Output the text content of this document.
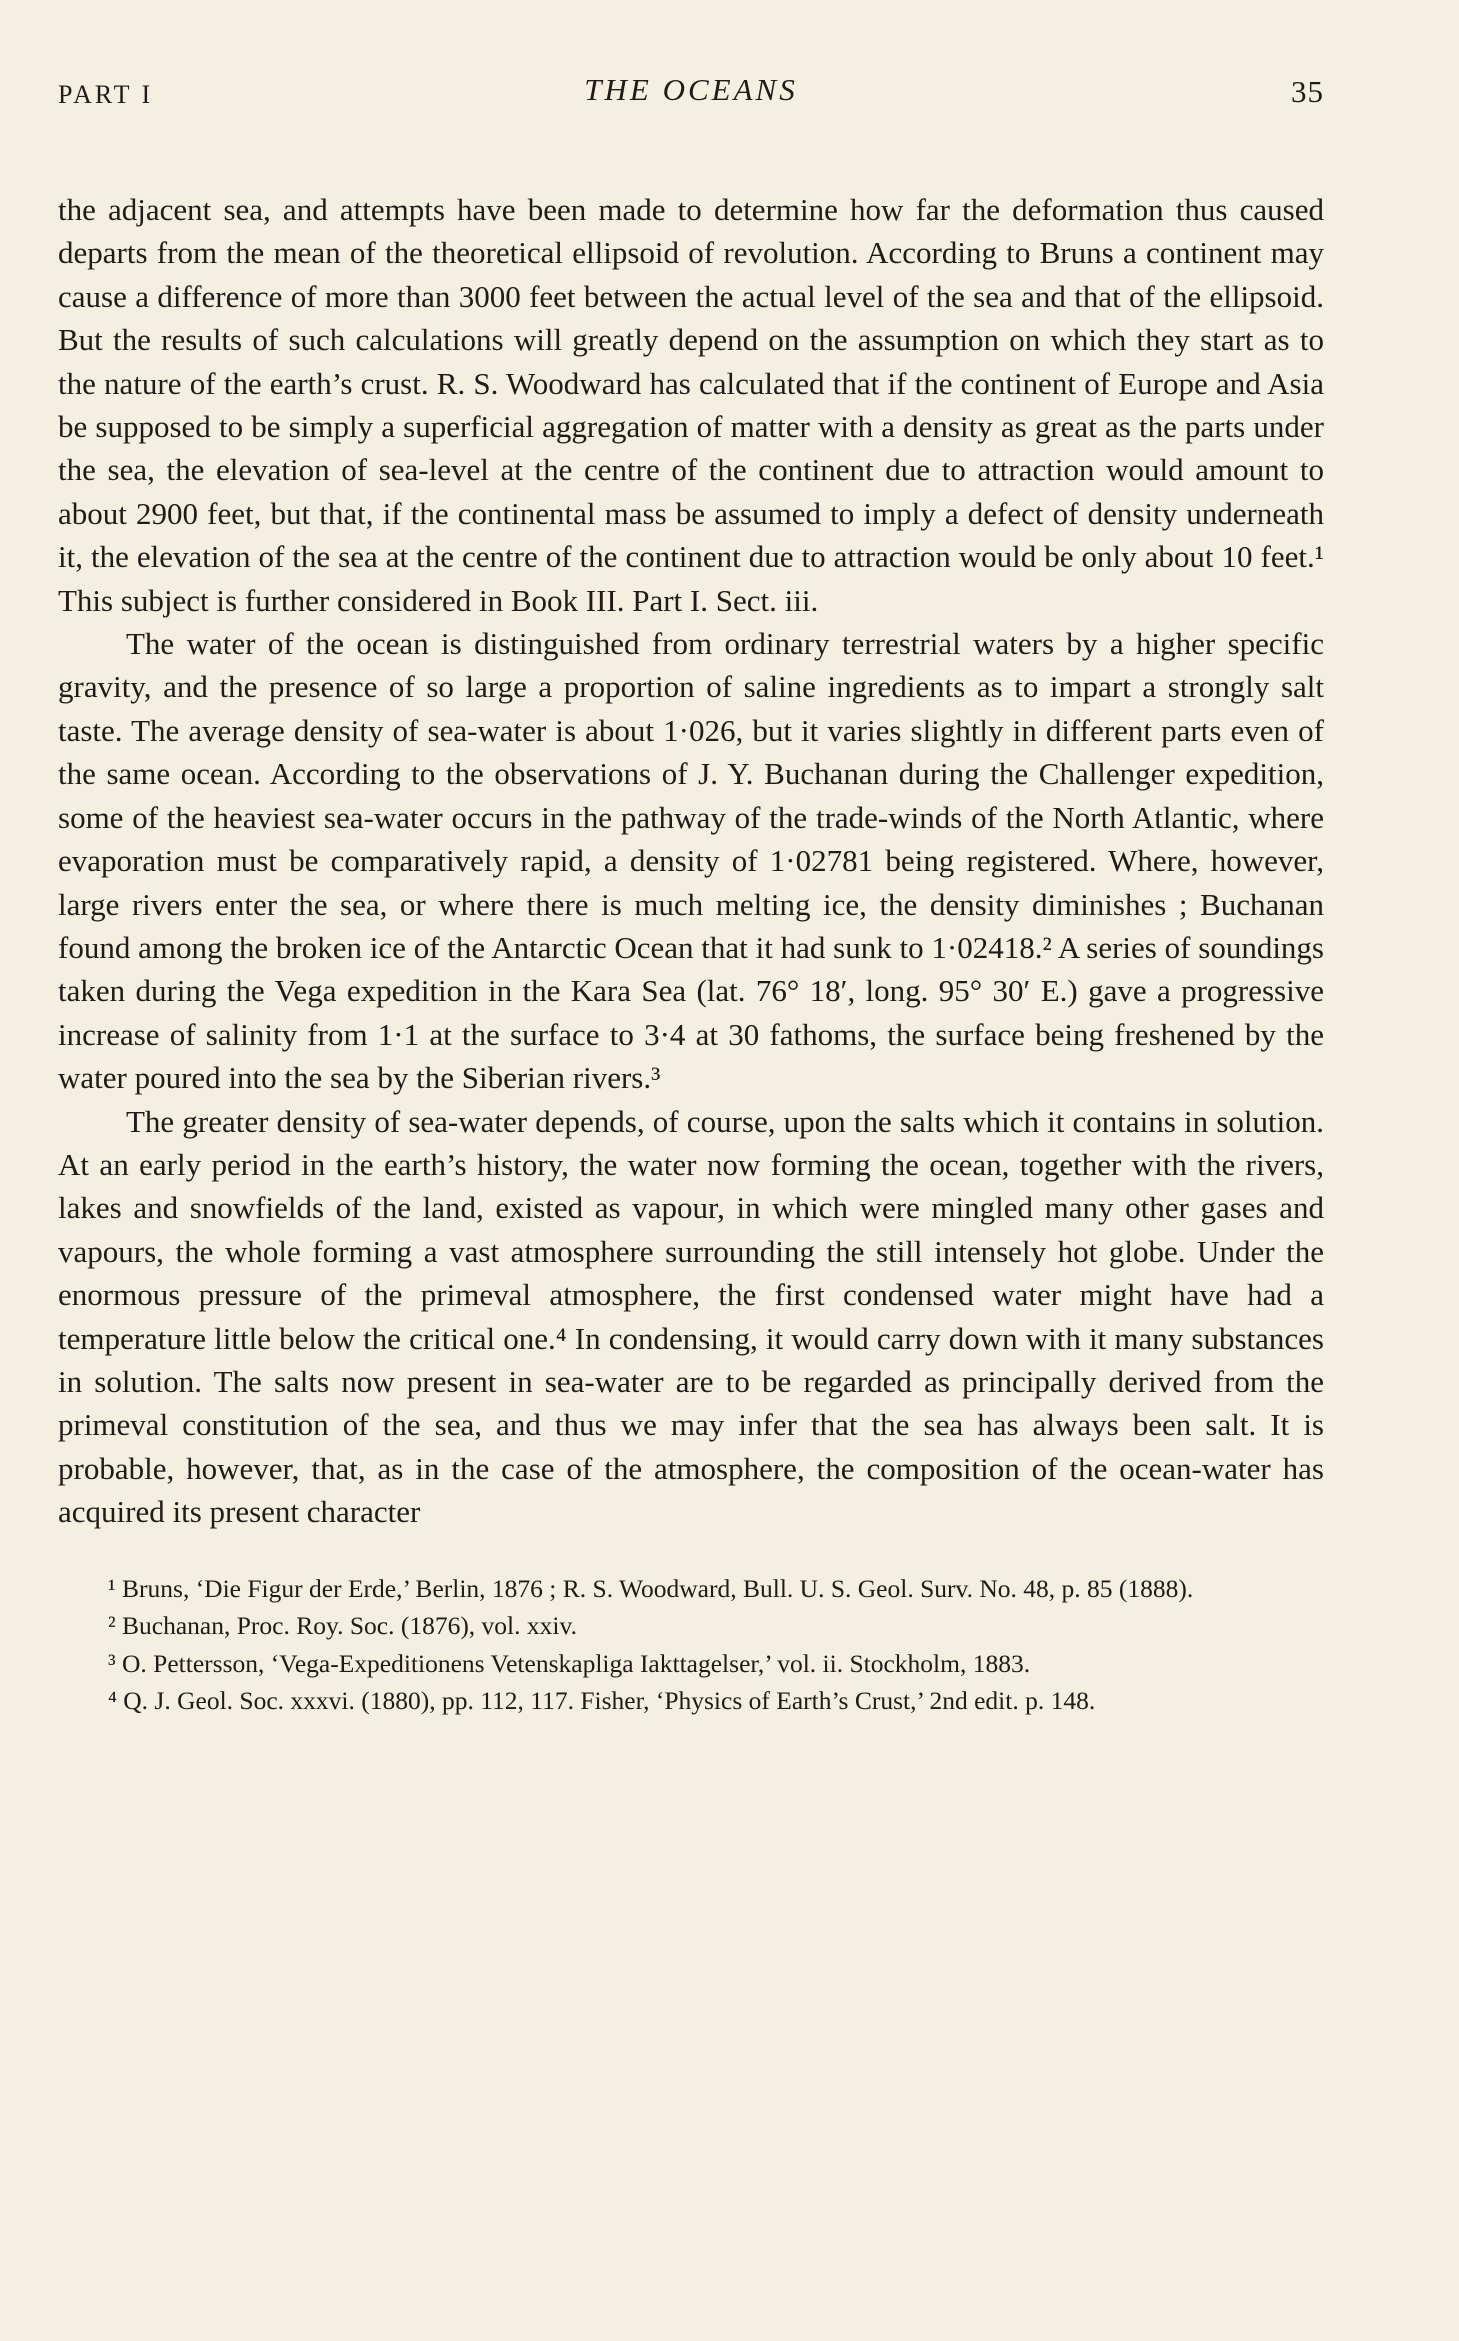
PART I	THE OCEANS	35

the adjacent sea, and attempts have been made to determine how far the deformation thus caused departs from the mean of the theoretical ellipsoid of revolution. According to Bruns a continent may cause a difference of more than 3000 feet between the actual level of the sea and that of the ellipsoid. But the results of such calculations will greatly depend on the assumption on which they start as to the nature of the earth’s crust. R. S. Woodward has calculated that if the continent of Europe and Asia be supposed to be simply a superficial aggregation of matter with a density as great as the parts under the sea, the elevation of sea-level at the centre of the continent due to attraction would amount to about 2900 feet, but that, if the continental mass be assumed to imply a defect of density underneath it, the elevation of the sea at the centre of the continent due to attraction would be only about 10 feet.¹ This subject is further considered in Book III. Part I. Sect. iii.

The water of the ocean is distinguished from ordinary terrestrial waters by a higher specific gravity, and the presence of so large a proportion of saline ingredients as to impart a strongly salt taste. The average density of sea-water is about 1·026, but it varies slightly in different parts even of the same ocean. According to the observations of J. Y. Buchanan during the Challenger expedition, some of the heaviest sea-water occurs in the pathway of the trade-winds of the North Atlantic, where evaporation must be comparatively rapid, a density of 1·02781 being registered. Where, however, large rivers enter the sea, or where there is much melting ice, the density diminishes ; Buchanan found among the broken ice of the Antarctic Ocean that it had sunk to 1·02418.² A series of soundings taken during the Vega expedition in the Kara Sea (lat. 76° 18′, long. 95° 30′ E.) gave a progressive increase of salinity from 1·1 at the surface to 3·4 at 30 fathoms, the surface being freshened by the water poured into the sea by the Siberian rivers.³

The greater density of sea-water depends, of course, upon the salts which it contains in solution. At an early period in the earth’s history, the water now forming the ocean, together with the rivers, lakes and snowfields of the land, existed as vapour, in which were mingled many other gases and vapours, the whole forming a vast atmosphere surrounding the still intensely hot globe. Under the enormous pressure of the primeval atmosphere, the first condensed water might have had a temperature little below the critical one.⁴ In condensing, it would carry down with it many substances in solution. The salts now present in sea-water are to be regarded as principally derived from the primeval constitution of the sea, and thus we may infer that the sea has always been salt. It is probable, however, that, as in the case of the atmosphere, the composition of the ocean-water has acquired its present character

¹ Bruns, ‘Die Figur der Erde,’ Berlin, 1876 ; R. S. Woodward, Bull. U. S. Geol. Surv. No. 48, p. 85 (1888).

² Buchanan, Proc. Roy. Soc. (1876), vol. xxiv.

³ O. Pettersson, ‘Vega-Expeditionens Vetenskapliga Iakttagelser,’ vol. ii. Stockholm, 1883.

⁴ Q. J. Geol. Soc. xxxvi. (1880), pp. 112, 117. Fisher, ‘Physics of Earth’s Crust,’ 2nd edit. p. 148.
